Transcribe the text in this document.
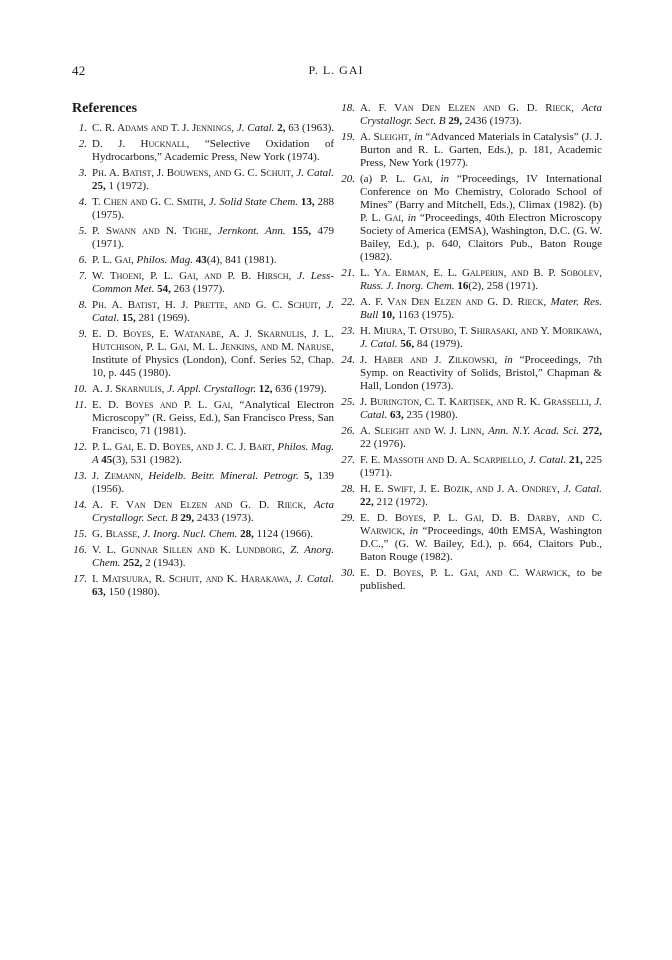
42	P. L. GAI
References
1. C. R. Adams and T. J. Jennings, J. Catal. 2, 63 (1963).
2. D. J. Hucknall, “Selective Oxidation of Hydrocarbons,” Academic Press, New York (1974).
3. Ph. A. Batist, J. Bouwens, and G. C. Schuit, J. Catal. 25, 1 (1972).
4. T. Chen and G. C. Smith, J. Solid State Chem. 13, 288 (1975).
5. P. Swann and N. Tighe, Jernkont. Ann. 155, 479 (1971).
6. P. L. Gai, Philos. Mag. 43(4), 841 (1981).
7. W. Thoeni, P. L. Gai, and P. B. Hirsch, J. Less-Common Met. 54, 263 (1977).
8. Ph. A. Batist, H. J. Prette, and G. C. Schuit, J. Catal. 15, 281 (1969).
9. E. D. Boyes, E. Watanabe, A. J. Skarnulis, J. L. Hutchison, P. L. Gai, M. L. Jenkins, and M. Naruse, Institute of Physics (London), Conf. Series 52, Chap. 10, p. 445 (1980).
10. A. J. Skarnulis, J. Appl. Crystallogr. 12, 636 (1979).
11. E. D. Boyes and P. L. Gai, “Analytical Electron Microscopy” (R. Geiss, Ed.), San Francisco Press, San Francisco, 71 (1981).
12. P. L. Gai, E. D. Boyes, and J. C. J. Bart, Philos. Mag. A 45(3), 531 (1982).
13. J. Zemann, Heidelb. Beitr. Mineral. Petrogr. 5, 139 (1956).
14. A. F. Van Den Elzen and G. D. Rieck, Acta Crystallogr. Sect. B 29, 2433 (1973).
15. G. Blasse, J. Inorg. Nucl. Chem. 28, 1124 (1966).
16. V. L. Gunnar Sillen and K. Lundborg, Z. Anorg. Chem. 252, 2 (1943).
17. I. Matsuura, R. Schuit, and K. Harakawa, J. Catal. 63, 150 (1980).
18. A. F. Van Den Elzen and G. D. Rieck, Acta Crystallogr. Sect. B 29, 2436 (1973).
19. A. Sleight, in “Advanced Materials in Catalysis” (J. J. Burton and R. L. Garten, Eds.), p. 181, Academic Press, New York (1977).
20. (a) P. L. Gai, in “Proceedings, IV International Conference on Mo Chemistry, Colorado School of Mines” (Barry and Mitchell, Eds.), Climax (1982). (b) P. L. Gai, in “Proceedings, 40th Electron Microscopy Society of America (EMSA), Washington, D.C. (G. W. Bailey, Ed.), p. 640, Claitors Pub., Baton Rouge (1982).
21. L. Ya. Erman, E. L. Galperin, and B. P. Sobolev, Russ. J. Inorg. Chem. 16(2), 258 (1971).
22. A. F. Van Den Elzen and G. D. Rieck, Mater. Res. Bull 10, 1163 (1975).
23. H. Miura, T. Otsubo, T. Shirasaki, and Y. Morikawa, J. Catal. 56, 84 (1979).
24. J. Haber and J. Zilkowski, in “Proceedings, 7th Symp. on Reactivity of Solids, Bristol,” Chapman & Hall, London (1973).
25. J. Burington, C. T. Kartisek, and R. K. Grasselli, J. Catal. 63, 235 (1980).
26. A. Sleight and W. J. Linn, Ann. N.Y. Acad. Sci. 272, 22 (1976).
27. F. E. Massoth and D. A. Scarpiello, J. Catal. 21, 225 (1971).
28. H. E. Swift, J. E. Bozik, and J. A. Ondrey, J. Catal. 22, 212 (1972).
29. E. D. Boyes, P. L. Gai, D. B. Darby, and C. Warwick, in “Proceedings, 40th EMSA, Washington D.C.,” (G. W. Bailey, Ed.), p. 664, Claitors Pub., Baton Rouge (1982).
30. E. D. Boyes, P. L. Gai, and C. Warwick, to be published.
